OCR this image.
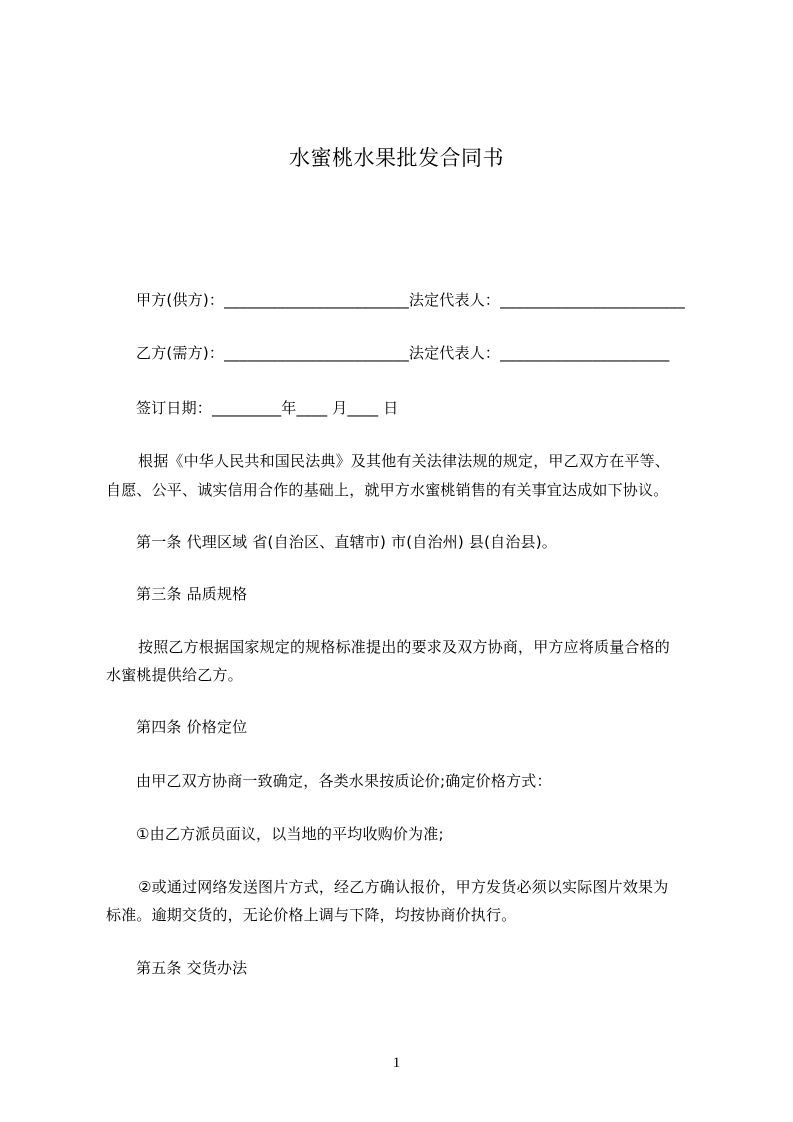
水蜜桃水果批发合同书
甲方(供方)：________________________法定代表人：________________________
乙方(需方)：________________________法定代表人：______________________
签订日期：_________年____ 月____ 日
根据《中华人民共和国民法典》及其他有关法律法规的规定，甲乙双方在平等、
自愿、公平、诚实信用合作的基础上，就甲方水蜜桃销售的有关事宜达成如下协议。
第一条 代理区域 省(自治区、直辖市) 市(自治州) 县(自治县)。
第三条 品质规格
按照乙方根据国家规定的规格标准提出的要求及双方协商，甲方应将质量合格的
水蜜桃提供给乙方。
第四条 价格定位
由甲乙双方协商一致确定，各类水果按质论价;确定价格方式：
①由乙方派员面议，以当地的平均收购价为准;
②或通过网络发送图片方式，经乙方确认报价，甲方发货必须以实际图片效果为
标准。逾期交货的，无论价格上调与下降，均按协商价执行。
第五条 交货办法
1
